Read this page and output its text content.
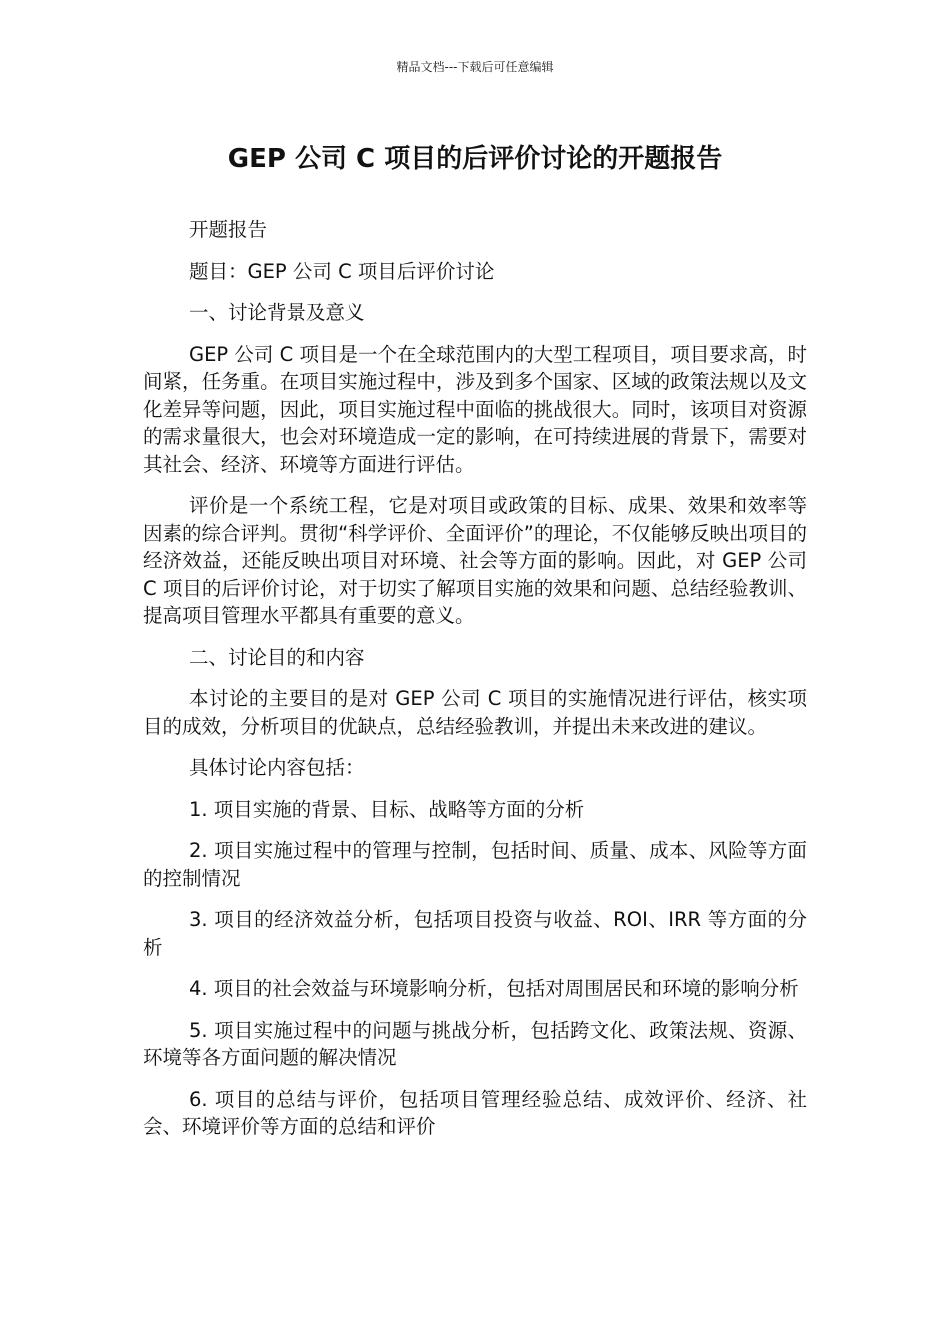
精品文档---下载后可任意编辑
GEP 公司 C 项目的后评价讨论的开题报告

开题报告

题目：GEP 公司 C 项目后评价讨论

一、讨论背景及意义

GEP 公司 C 项目是一个在全球范围内的大型工程项目，项目要求高，时间紧，任务重。在项目实施过程中，涉及到多个国家、区域的政策法规以及文化差异等问题，因此，项目实施过程中面临的挑战很大。同时，该项目对资源的需求量很大，也会对环境造成一定的影响，在可持续进展的背景下，需要对其社会、经济、环境等方面进行评估。

评价是一个系统工程，它是对项目或政策的目标、成果、效果和效率等因素的综合评判。贯彻“科学评价、全面评价”的理论，不仅能够反映出项目的经济效益，还能反映出项目对环境、社会等方面的影响。因此，对 GEP 公司 C 项目的后评价讨论，对于切实了解项目实施的效果和问题、总结经验教训、提高项目管理水平都具有重要的意义。

二、讨论目的和内容

本讨论的主要目的是对 GEP 公司 C 项目的实施情况进行评估，核实项目的成效，分析项目的优缺点，总结经验教训，并提出未来改进的建议。

具体讨论内容包括：

1. 项目实施的背景、目标、战略等方面的分析

2. 项目实施过程中的管理与控制，包括时间、质量、成本、风险等方面的控制情况

3. 项目的经济效益分析，包括项目投资与收益、ROI、IRR 等方面的分析

4. 项目的社会效益与环境影响分析，包括对周围居民和环境的影响分析

5. 项目实施过程中的问题与挑战分析，包括跨文化、政策法规、资源、环境等各方面问题的解决情况

6. 项目的总结与评价，包括项目管理经验总结、成效评价、经济、社会、环境评价等方面的总结和评价
